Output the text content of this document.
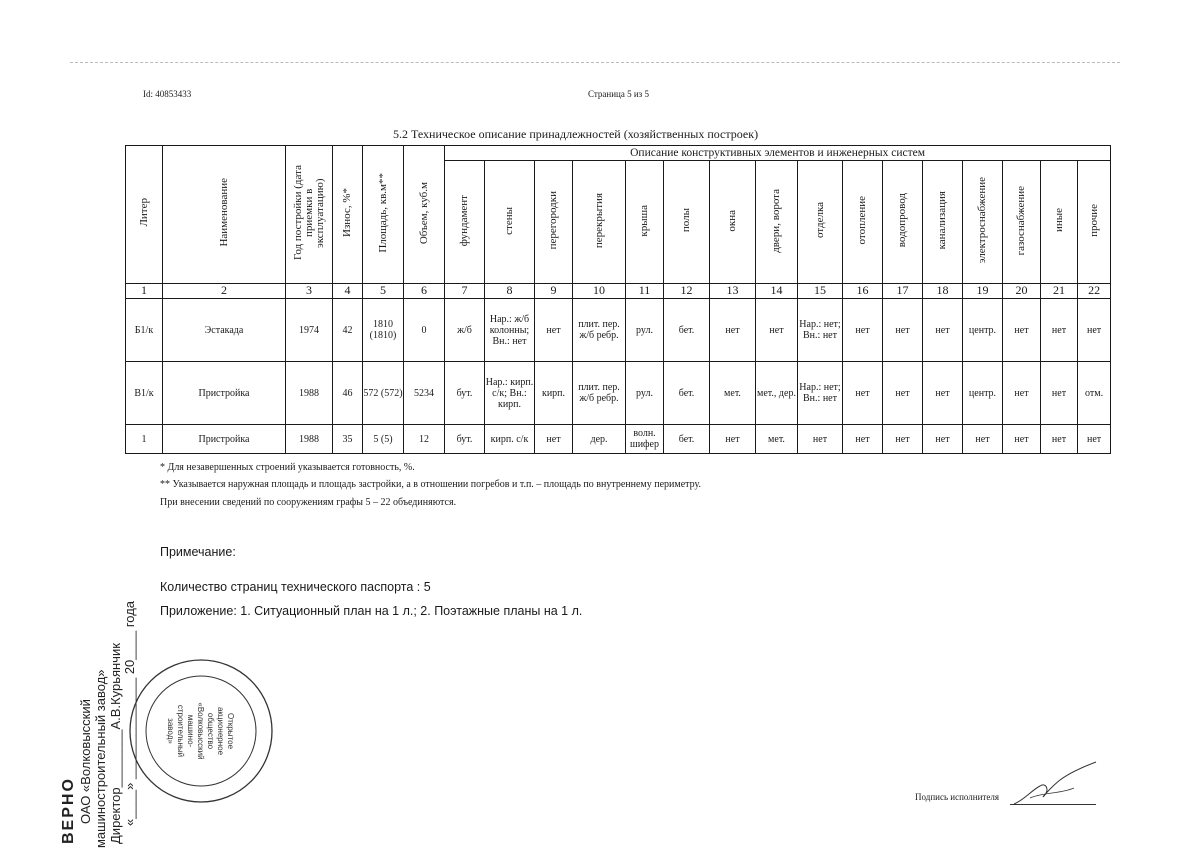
Id: 40853433	Страница 5 из 5
5.2 Техническое описание принадлежностей (хозяйственных построек)
Литер	Наименование	Год постройки (дата приемки в эксплуатацию)	Износ, %*	Площадь, кв.м**	Объем, куб.м	Описание конструктивных элементов и инженерных систем															
						фундамент	стены	перегородки	перекрытия	крыша	полы	окна	двери, ворота	отделка	отопление	водопровод	канализация	электроснабжение	газоснабжение	иные	прочие
1	2	3	4	5	6	7	8	9	10	11	12	13	14	15	16	17	18	19	20	21	22
Б1/к	Эстакада	1974	42	1810 (1810)	0	ж/б	Нар.: ж/б колонны; Вн.: нет	нет	плит. пер. ж/б ребр.	рул.	бет.	нет	нет	Нар.: нет; Вн.: нет	нет	нет	нет	центр.	нет	нет	нет
В1/к	Пристройка	1988	46	572 (572)	5234	бут.	Нар.: кирп. с/к; Вн.: кирп.	кирп.	плит. пер. ж/б ребр.	рул.	бет.	мет.	мет., дер.	Нар.: нет; Вн.: нет	нет	нет	нет	центр.	нет	нет	отм.
1	Пристройка	1988	35	5 (5)	12	бут.	кирп. с/к	нет	дер.	волн. шифер	бет.	нет	мет.	нет	нет	нет	нет	нет	нет	нет	нет
* Для незавершенных строений указывается готовность, %.
** Указывается наружная площадь и площадь застройки, а в отношении погребов и т.п. – площадь по внутреннему периметру.
При внесении сведений по сооружениям графы 5 – 22 объединяются.
Примечание:
Количество страниц технического паспорта : 5
Приложение: 1. Ситуационный план на 1 л.; 2. Поэтажные планы на 1 л.
ВЕРНО ОАО «Волковысский машиностроительный завод» Директор________А.В.Курьянчик «____» ______________ 20____ года	Открытое
акционерное
общество
«Волковысский
машино-
строительный
завод»
Подпись исполнителя
